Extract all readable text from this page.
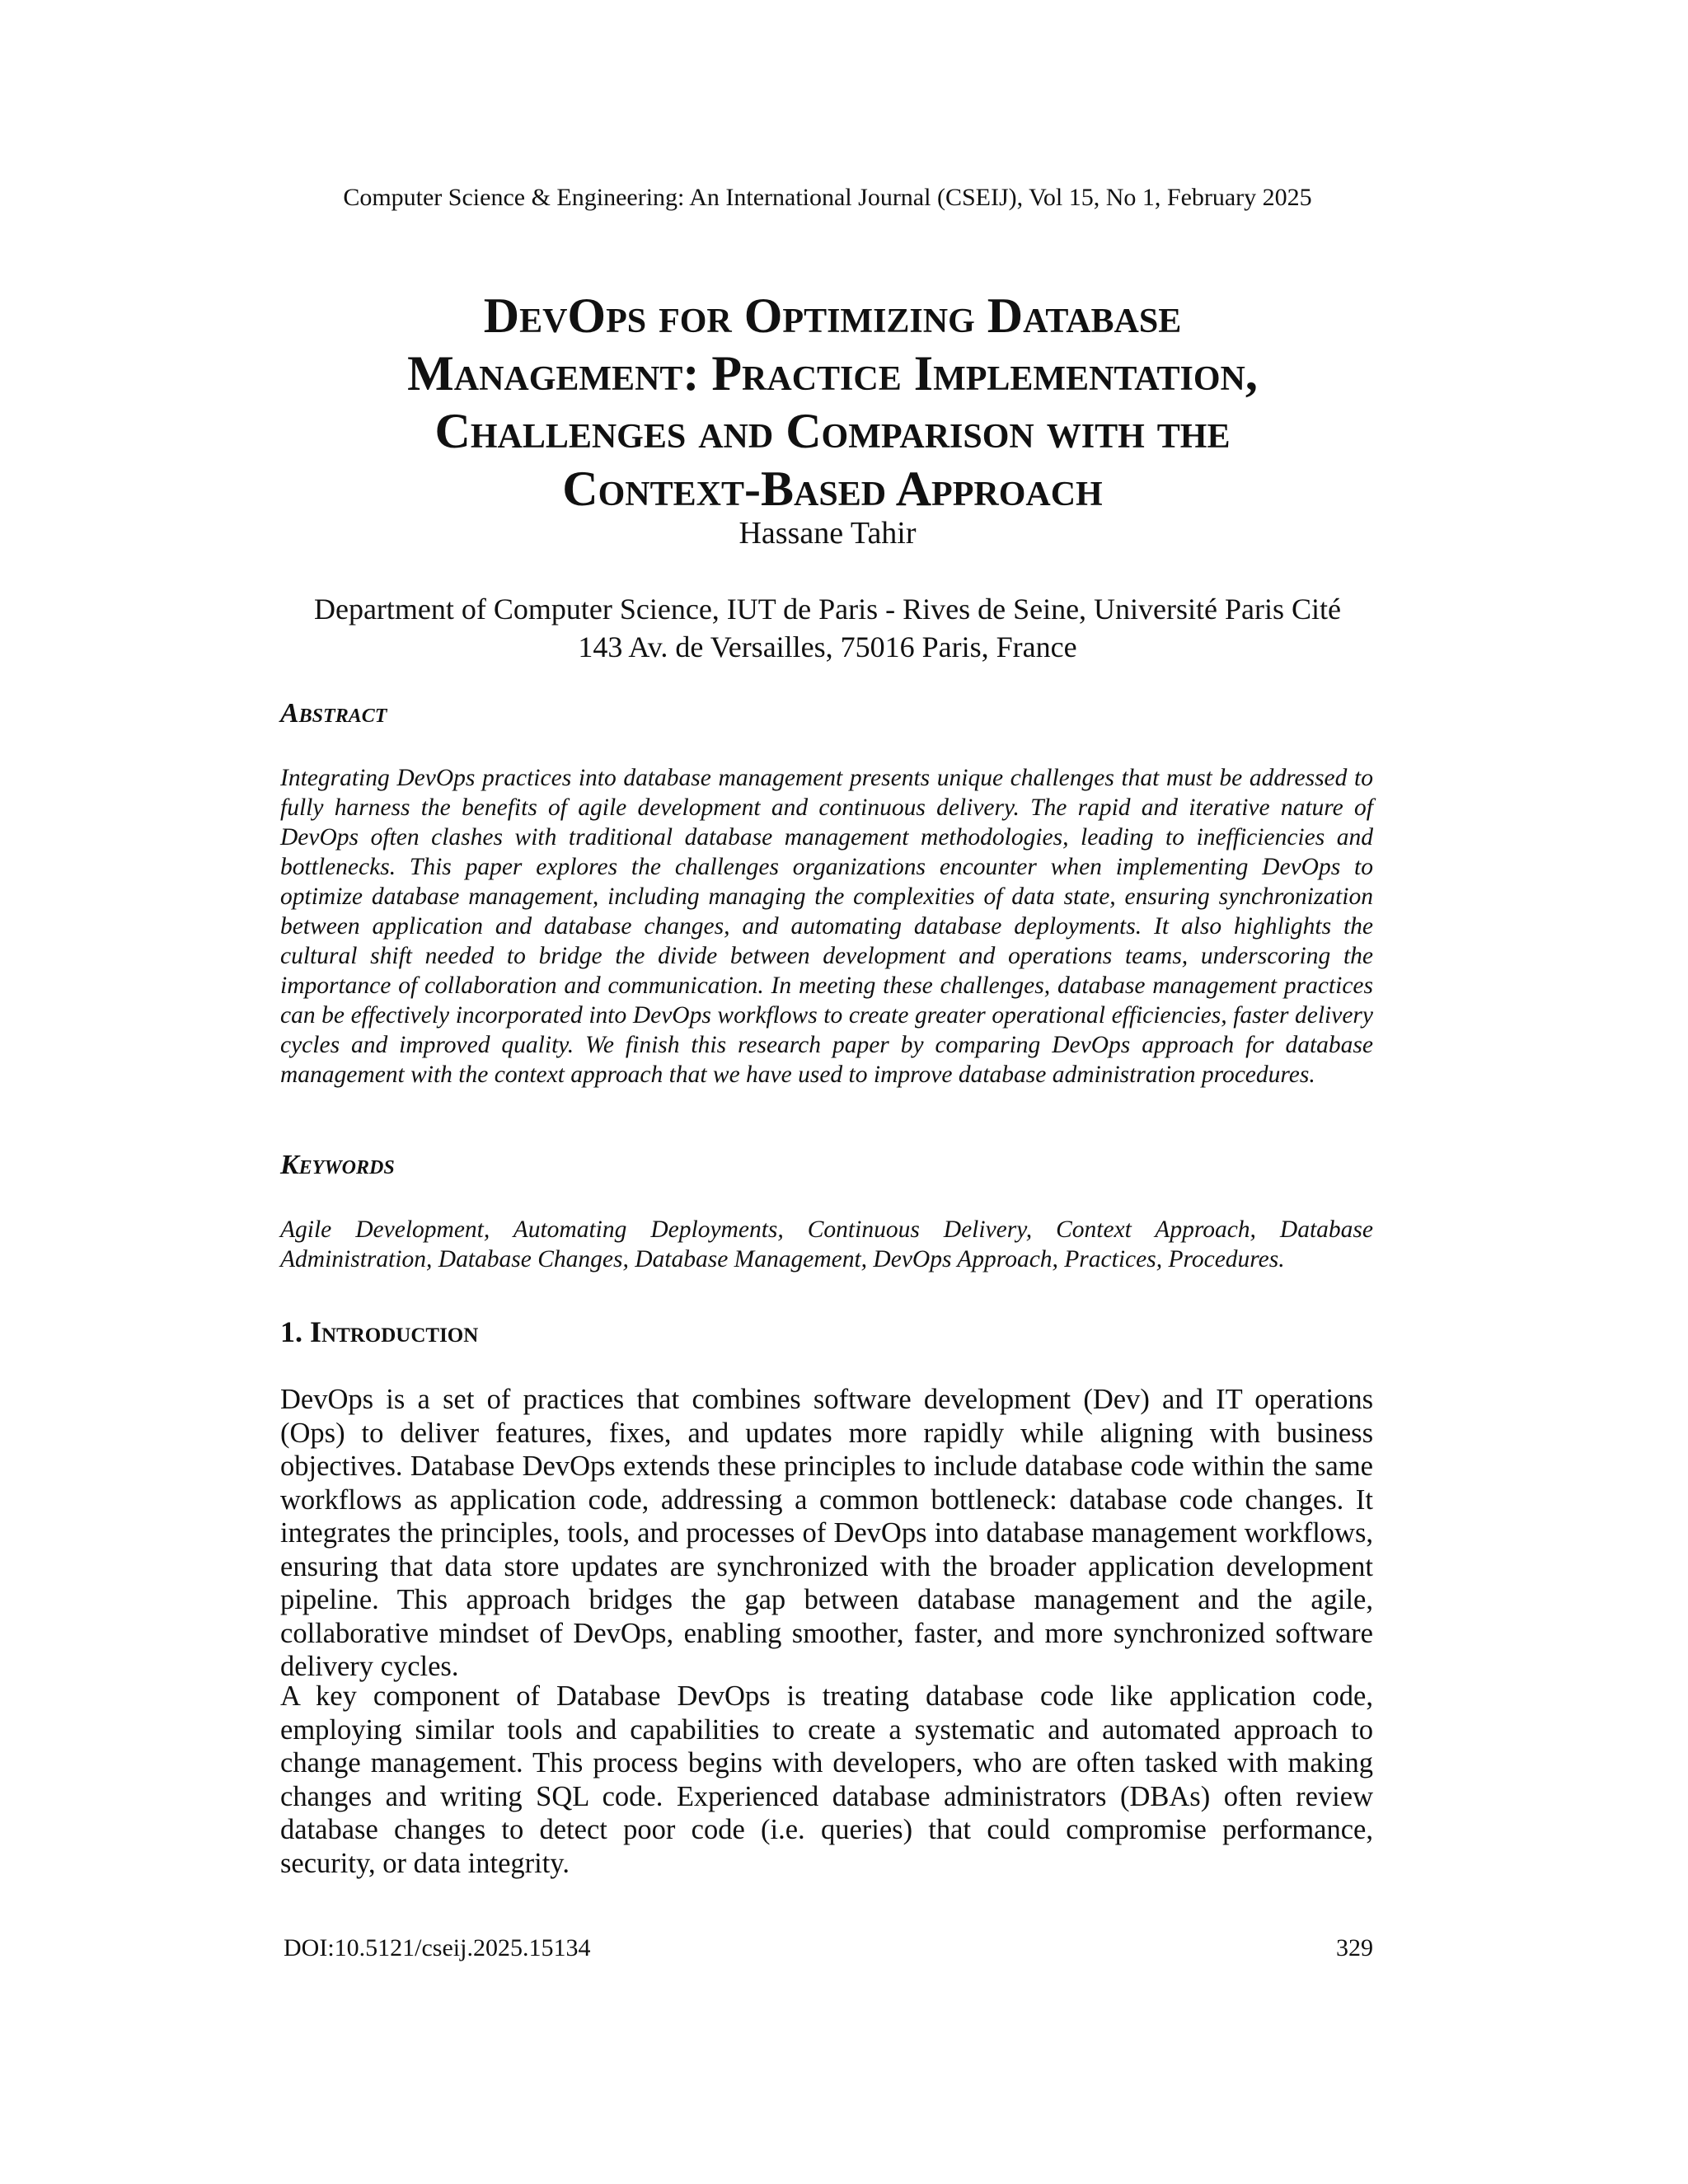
Computer Science & Engineering: An International Journal (CSEIJ), Vol 15, No 1, February 2025
DevOps for Optimizing Database
Management: Practice Implementation,
Challenges and Comparison with the
Context-Based Approach
Hassane Tahir
Department of Computer Science, IUT de Paris - Rives de Seine, Université Paris Cité
143 Av. de Versailles, 75016 Paris, France
Abstract
Integrating DevOps practices into database management presents unique challenges that must be addressed to fully harness the benefits of agile development and continuous delivery. The rapid and iterative nature of DevOps often clashes with traditional database management methodologies, leading to inefficiencies and bottlenecks. This paper explores the challenges organizations encounter when implementing DevOps to optimize database management, including managing the complexities of data state, ensuring synchronization between application and database changes, and automating database deployments. It also highlights the cultural shift needed to bridge the divide between development and operations teams, underscoring the importance of collaboration and communication. In meeting these challenges, database management practices can be effectively incorporated into DevOps workflows to create greater operational efficiencies, faster delivery cycles and improved quality. We finish this research paper by comparing DevOps approach for database management with the context approach that we have used to improve database administration procedures.
Keywords
Agile Development, Automating Deployments, Continuous Delivery, Context Approach, Database Administration, Database Changes, Database Management, DevOps Approach, Practices, Procedures.
1. Introduction
DevOps is a set of practices that combines software development (Dev) and IT operations (Ops) to deliver features, fixes, and updates more rapidly while aligning with business objectives. Database DevOps extends these principles to include database code within the same workflows as application code, addressing a common bottleneck: database code changes. It integrates the principles, tools, and processes of DevOps into database management workflows, ensuring that data store updates are synchronized with the broader application development pipeline. This approach bridges the gap between database management and the agile, collaborative mindset of DevOps, enabling smoother, faster, and more synchronized software delivery cycles.
A key component of Database DevOps is treating database code like application code, employing similar tools and capabilities to create a systematic and automated approach to change management. This process begins with developers, who are often tasked with making changes and writing SQL code. Experienced database administrators (DBAs) often review database changes to detect poor code (i.e. queries) that could compromise performance, security, or data integrity.
DOI:10.5121/cseij.2025.15134	329
